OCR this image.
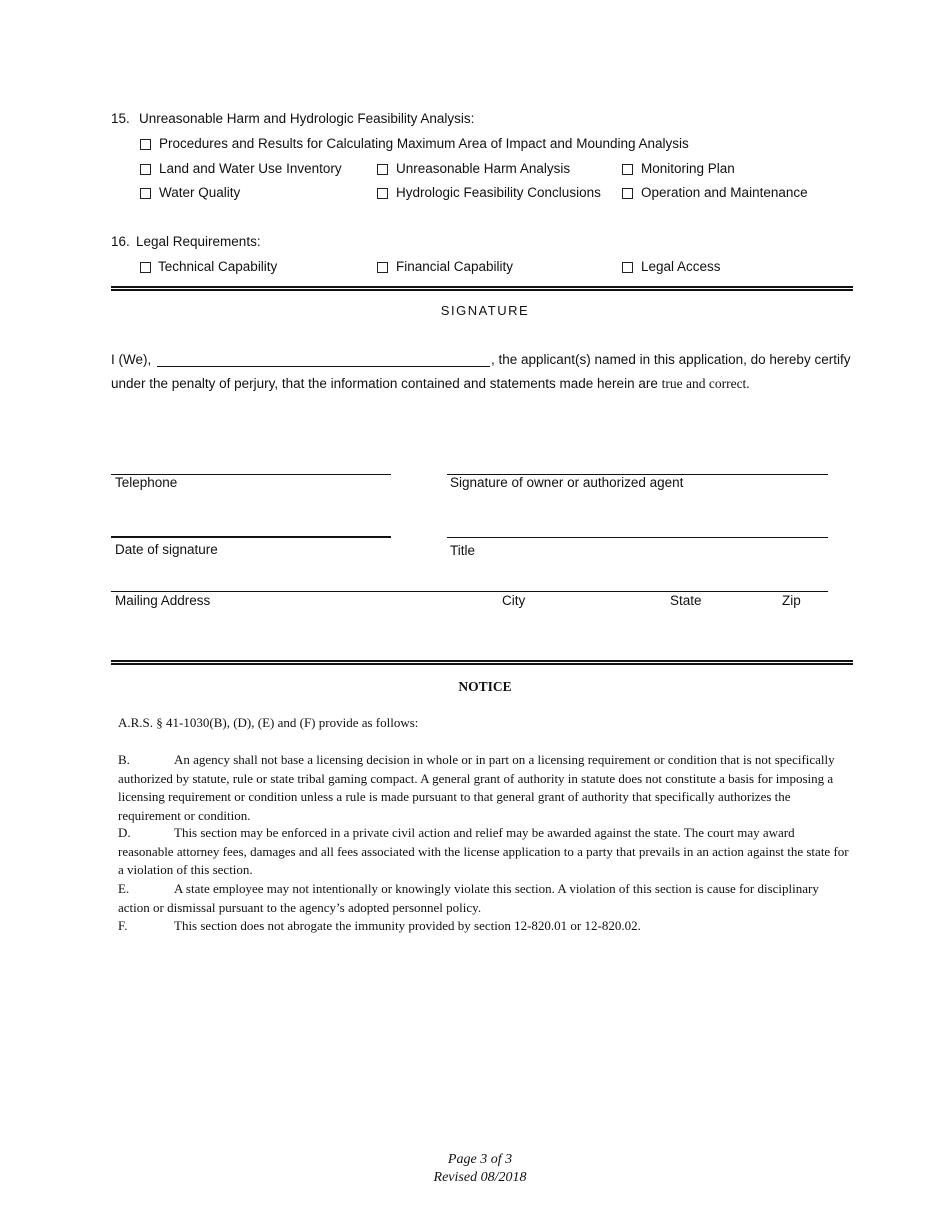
15. Unreasonable Harm and Hydrologic Feasibility Analysis:
Procedures and Results for Calculating Maximum Area of Impact and Mounding Analysis
Land and Water Use Inventory	Unreasonable Harm Analysis	Monitoring Plan
Water Quality	Hydrologic Feasibility Conclusions	Operation and Maintenance
16. Legal Requirements:
Technical Capability	Financial Capability	Legal Access
SIGNATURE
I (We),	, the applicant(s) named in this application, do hereby certify
under the penalty of perjury, that the information contained and statements made herein are true and correct.
Telephone	Signature of owner or authorized agent
Date of signature	Title
Mailing Address	City	State	Zip
NOTICE
A.R.S. § 41-1030(B), (D), (E) and (F) provide as follows:

B.	An agency shall not base a licensing decision in whole or in part on a licensing requirement or condition that is not specifically authorized by statute, rule or state tribal gaming compact. A general grant of authority in statute does not constitute a basis for imposing a licensing requirement or condition unless a rule is made pursuant to that general grant of authority that specifically authorizes the requirement or condition.

D.	This section may be enforced in a private civil action and relief may be awarded against the state. The court may award reasonable attorney fees, damages and all fees associated with the license application to a party that prevails in an action against the state for a violation of this section.

E.	A state employee may not intentionally or knowingly violate this section. A violation of this section is cause for disciplinary action or dismissal pursuant to the agency’s adopted personnel policy.

F.	This section does not abrogate the immunity provided by section 12-820.01 or 12-820.02.

Page 3 of 3
Revised 08/2018
